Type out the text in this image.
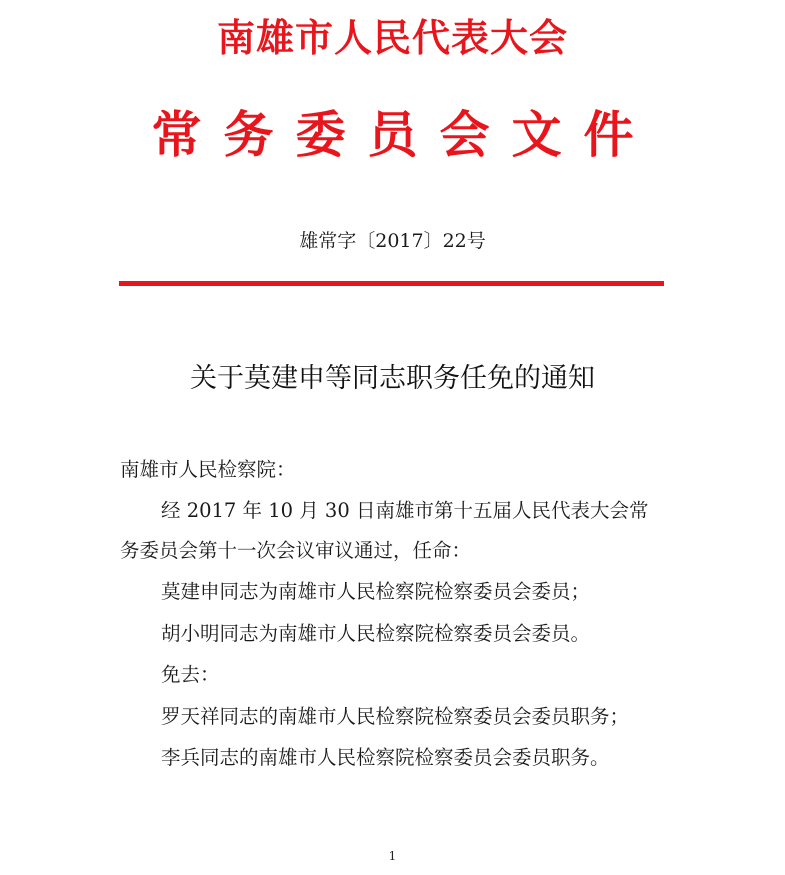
南雄市人民代表大会
常务委员会文件
雄常字〔2017〕22号
关于莫建申等同志职务任免的通知
南雄市人民检察院：
经 2017 年 10 月 30 日南雄市第十五届人民代表大会常
务委员会第十一次会议审议通过，任命：
莫建申同志为南雄市人民检察院检察委员会委员；
胡小明同志为南雄市人民检察院检察委员会委员。
免去：
罗天祥同志的南雄市人民检察院检察委员会委员职务；
李兵同志的南雄市人民检察院检察委员会委员职务。
1
